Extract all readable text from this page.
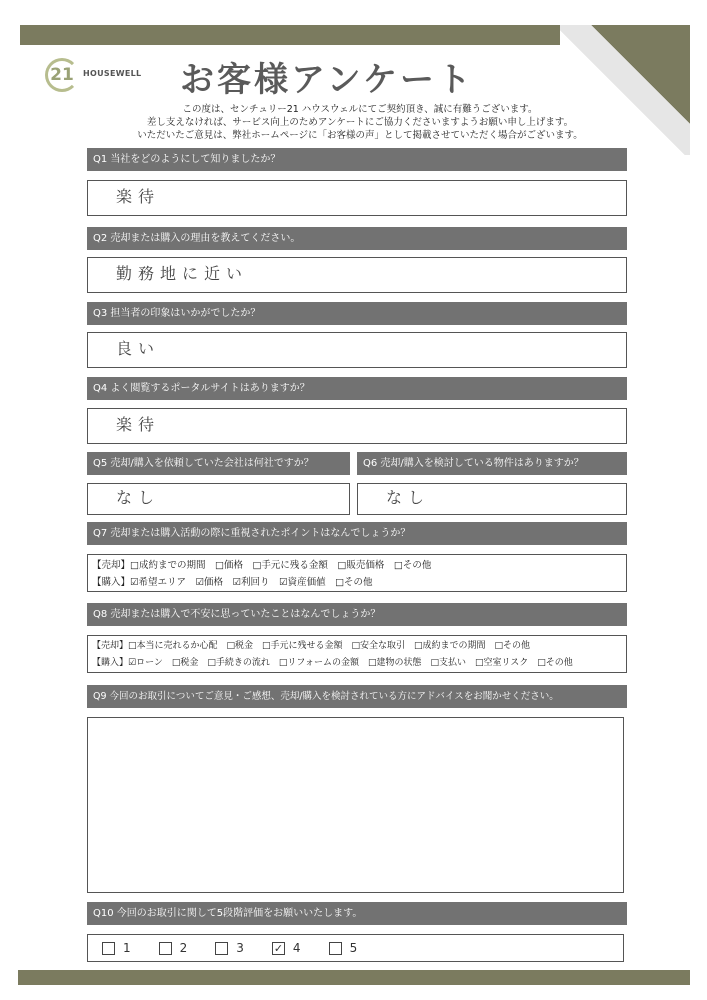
21	HOUSEWELL お客様アンケート
この度は、センチュリー21 ハウスウェルにてご契約頂き、誠に有難うございます。
差し支えなければ、サービス向上のためアンケートにご協力くださいますようお願い申し上げます。
いただいたご意見は、弊社ホームページに「お客様の声」として掲載させていただく場合がございます。
Q1 当社をどのようにして知りましたか？
楽待
Q2 売却または購入の理由を教えてください。
勤務地に近い
Q3 担当者の印象はいかがでしたか？
良い
Q4 よく閲覧するポータルサイトはありますか？
楽待
Q5 売却/購入を依頼していた会社は何社ですか？
なし
Q6 売却/購入を検討している物件はありますか？
なし
Q7 売却または購入活動の際に重視されたポイントはなんでしょうか？
【売却】□成約までの期間　□価格　□手元に残る金額　□販売価格　□その他
【購入】☑希望エリア　☑価格　☑利回り　☑資産価値　□その他
Q8 売却または購入で不安に思っていたことはなんでしょうか？
【売却】□本当に売れるか心配　□税金　□手元に残せる金額　□安全な取引　□成約までの期間　□その他
【購入】☑ローン　□税金　□手続きの流れ　□リフォームの金額　□建物の状態　□支払い　□空室リスク　□その他
Q9 今回のお取引についてご意見・ご感想、売却/購入を検討されている方にアドバイスをお聞かせください。
Q10 今回のお取引に関して5段階評価をお願いいたします。
1	2	3	✓ 4	5
